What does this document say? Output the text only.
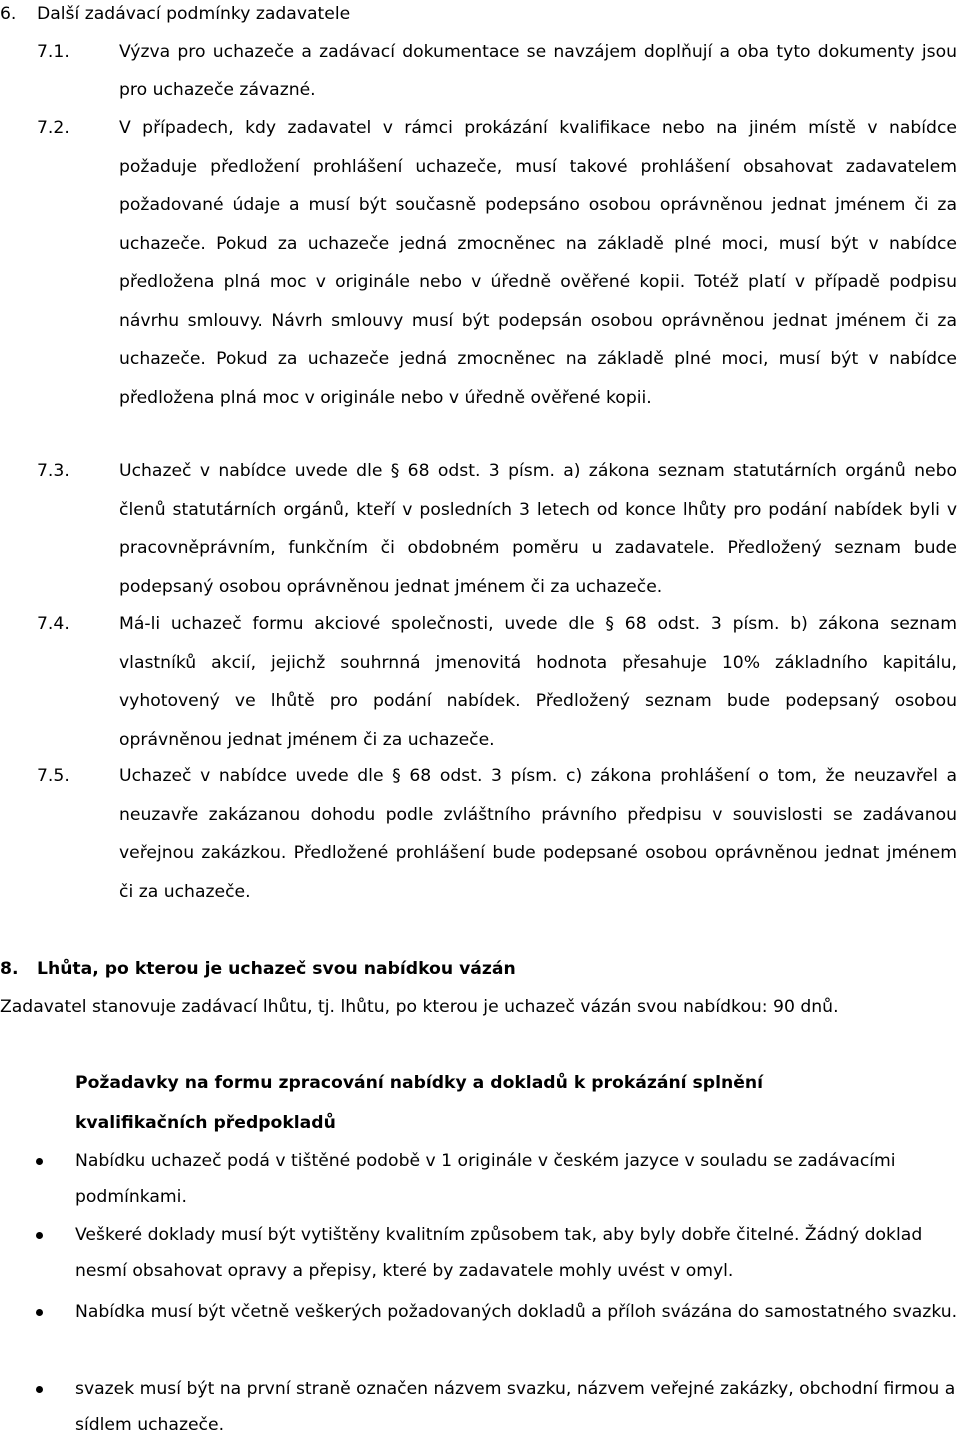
6. Další zadávací podmínky zadavatele
7.1.	Výzva pro uchazeče a zadávací dokumentace se navzájem doplňují a oba tyto dokumenty jsou pro uchazeče závazné.
7.2.	V případech, kdy zadavatel v rámci prokázání kvalifikace nebo na jiném místě v nabídce požaduje předložení prohlášení uchazeče, musí takové prohlášení obsahovat zadavatelem požadované údaje a musí být současně podepsáno osobou oprávněnou jednat jménem či za uchazeče. Pokud za uchazeče jedná zmocněnec na základě plné moci, musí být v nabídce předložena plná moc v originále nebo v úředně ověřené kopii. Totéž platí v případě podpisu návrhu smlouvy. Návrh smlouvy musí být podepsán osobou oprávněnou jednat jménem či za uchazeče. Pokud za uchazeče jedná zmocněnec na základě plné moci, musí být v nabídce předložena plná moc v originále nebo v úředně ověřené kopii.
7.3.	Uchazeč v nabídce uvede dle § 68 odst. 3 písm. a) zákona seznam statutárních orgánů nebo členů statutárních orgánů, kteří v posledních 3 letech od konce lhůty pro podání nabídek byli v pracovněprávním, funkčním či obdobném poměru u zadavatele. Předložený seznam bude podepsaný osobou oprávněnou jednat jménem či za uchazeče.
7.4.	Má-li uchazeč formu akciové společnosti, uvede dle § 68 odst. 3 písm. b) zákona seznam vlastníků akcií, jejichž souhrnná jmenovitá hodnota přesahuje 10% základního kapitálu, vyhotovený ve lhůtě pro podání nabídek. Předložený seznam bude podepsaný osobou oprávněnou jednat jménem či za uchazeče.
7.5.	Uchazeč v nabídce uvede dle § 68 odst. 3 písm. c) zákona prohlášení o tom, že neuzavřel a neuzavře zakázanou dohodu podle zvláštního právního předpisu v souvislosti se zadávanou veřejnou zakázkou. Předložené prohlášení bude podepsané osobou oprávněnou jednat jménem či za uchazeče.
8. Lhůta, po kterou je uchazeč svou nabídkou vázán
Zadavatel stanovuje zadávací lhůtu, tj. lhůtu, po kterou je uchazeč vázán svou nabídkou: 90 dnů.
Požadavky na formu zpracování nabídky a dokladů k prokázání splnění kvalifikačních předpokladů
Nabídku uchazeč podá v tištěné podobě v 1 originále v českém jazyce v souladu se zadávacími podmínkami.
Veškeré doklady musí být vytištěny kvalitním způsobem tak, aby byly dobře čitelné. Žádný doklad nesmí obsahovat opravy a přepisy, které by zadavatele mohly uvést v omyl.
Nabídka musí být včetně veškerých požadovaných dokladů a příloh svázána do samostatného svazku.
svazek musí být na první straně označen názvem svazku, názvem veřejné zakázky, obchodní firmou a sídlem uchazeče.
